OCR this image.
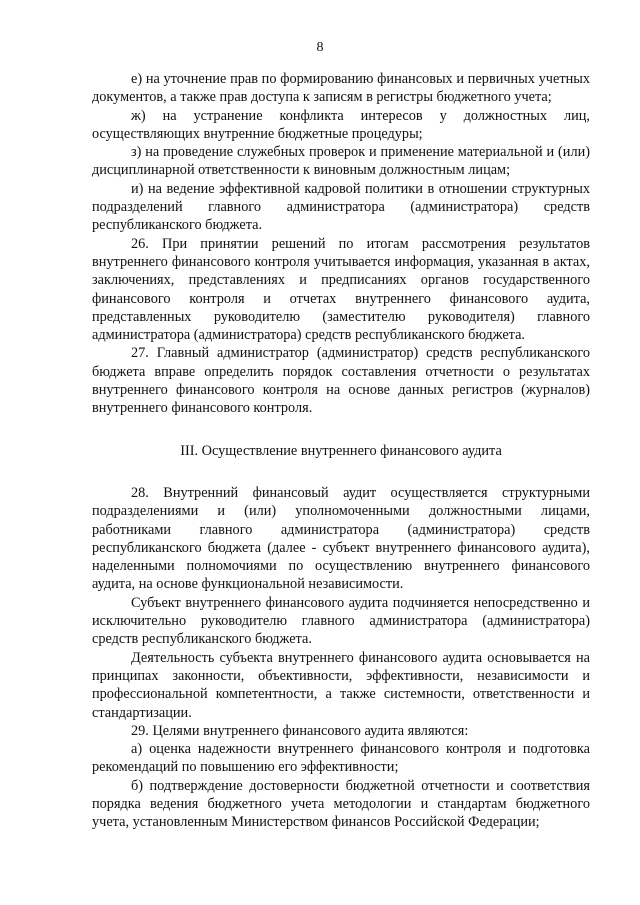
8

е) на уточнение прав по формированию финансовых и первичных учетных документов, а также прав доступа к записям в регистры бюджетного учета;

ж) на устранение конфликта интересов у должностных лиц, осуществляющих внутренние бюджетные процедуры;

з) на проведение служебных проверок и применение материальной и (или) дисциплинарной ответственности к виновным должностным лицам;

и) на ведение эффективной кадровой политики в отношении структурных подразделений главного администратора (администратора) средств республиканского бюджета.

26. При принятии решений по итогам рассмотрения результатов внутреннего финансового контроля учитывается информация, указанная в актах, заключениях, представлениях и предписаниях органов государственного финансового контроля и отчетах внутреннего финансового аудита, представленных руководителю (заместителю руководителя) главного администратора (администратора) средств республиканского бюджета.

27. Главный администратор (администратор) средств республиканского бюджета вправе определить порядок составления отчетности о результатах внутреннего финансового контроля на основе данных регистров (журналов) внутреннего финансового контроля.

III. Осуществление внутреннего финансового аудита

28. Внутренний финансовый аудит осуществляется структурными подразделениями и (или) уполномоченными должностными лицами, работниками главного администратора (администратора) средств республиканского бюджета (далее - субъект внутреннего финансового аудита), наделенными полномочиями по осуществлению внутреннего финансового аудита, на основе функциональной независимости.

Субъект внутреннего финансового аудита подчиняется непосредственно и исключительно руководителю главного администратора (администратора) средств республиканского бюджета.

Деятельность субъекта внутреннего финансового аудита основывается на принципах законности, объективности, эффективности, независимости и профессиональной компетентности, а также системности, ответственности и стандартизации.

29. Целями внутреннего финансового аудита являются:

а) оценка надежности внутреннего финансового контроля и подготовка рекомендаций по повышению его эффективности;

б) подтверждение достоверности бюджетной отчетности и соответствия порядка ведения бюджетного учета методологии и стандартам бюджетного учета, установленным Министерством финансов Российской Федерации;
